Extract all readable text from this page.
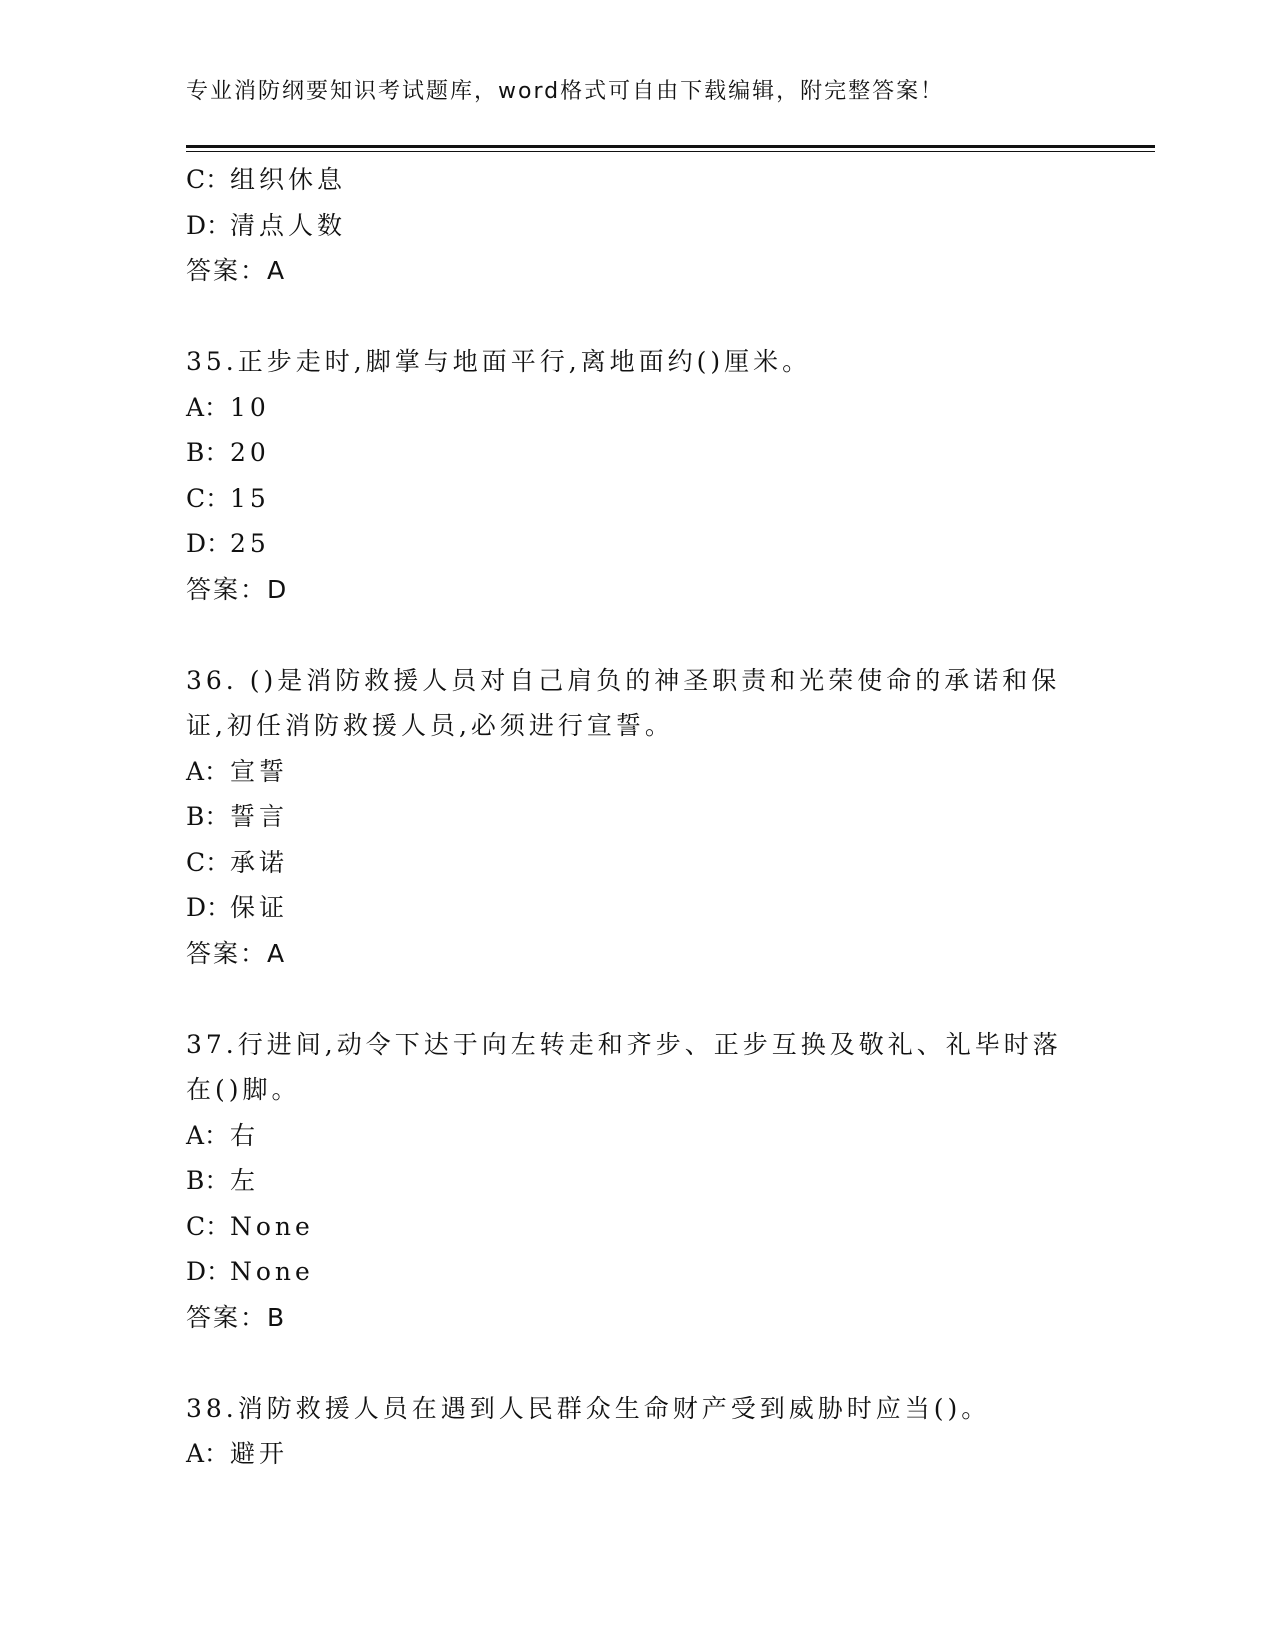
专业消防纲要知识考试题库，word格式可自由下载编辑，附完整答案！
C：组织休息
D：清点人数
答案：A
35.正步走时,脚掌与地面平行,离地面约()厘米。
A：10
B：20
C：15
D：25
答案：D
36. ()是消防救援人员对自己肩负的神圣职责和光荣使命的承诺和保
证,初任消防救援人员,必须进行宣誓。
A：宣誓
B：誓言
C：承诺
D：保证
答案：A
37.行进间,动令下达于向左转走和齐步、正步互换及敬礼、礼毕时落
在()脚。
A：右
B：左
C：None
D：None
答案：B
38.消防救援人员在遇到人民群众生命财产受到威胁时应当()。
A：避开
